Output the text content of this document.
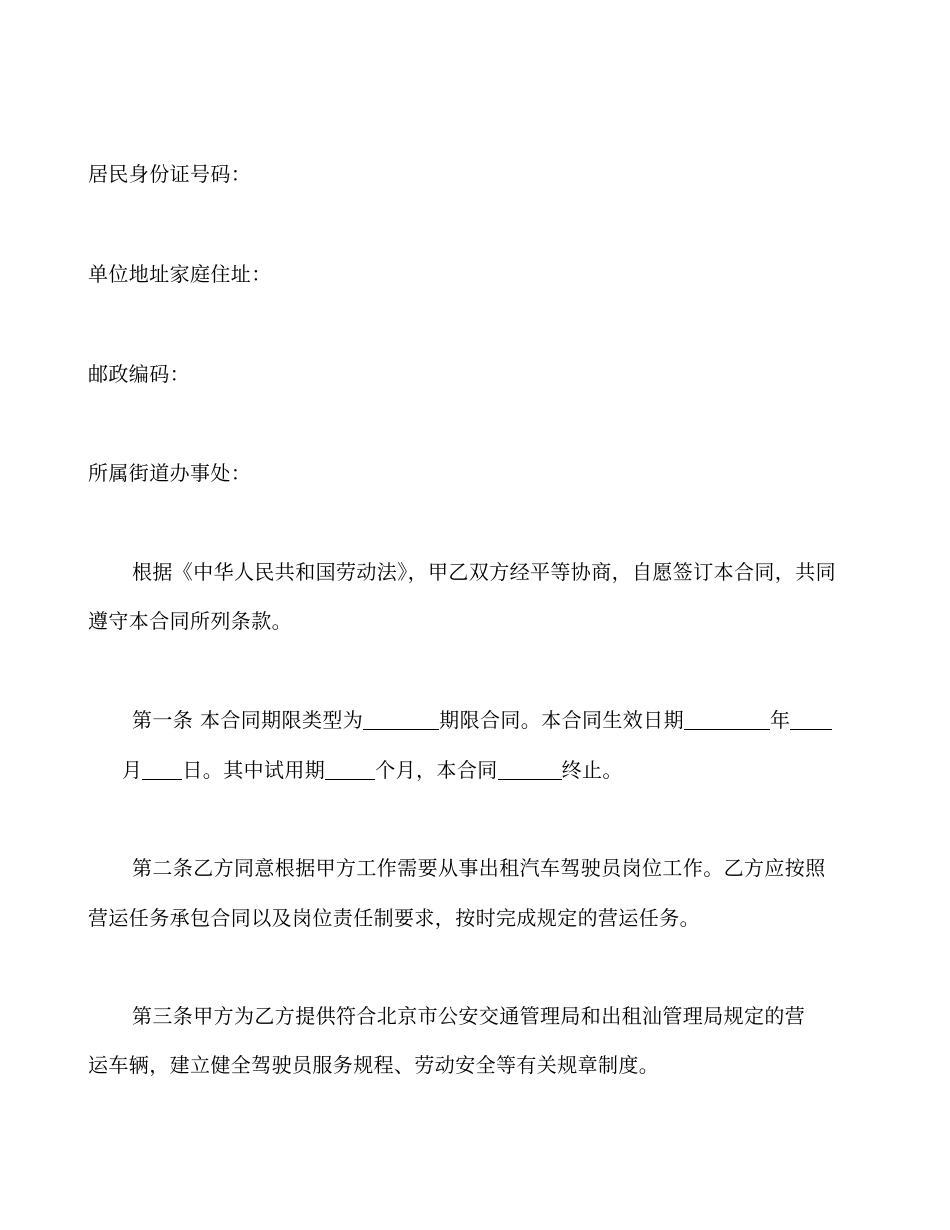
居民身份证号码：
单位地址家庭住址：
邮政编码：
所属街道办事处：
根据《中华人民共和国劳动法》，甲乙双方经平等协商，自愿签订本合同，共同
遵守本合同所列条款。
第一条 本合同期限类型为	期限合同。本合同生效日期	年
月 日。其中试用期	个月，本合同	终止。
第二条乙方同意根据甲方工作需要从事出租汽车驾驶员岗位工作。乙方应按照
营运任务承包合同以及岗位责任制要求，按时完成规定的营运任务。
第三条甲方为乙方提供符合北京市公安交通管理局和出租汕管理局规定的营
运车辆，建立健全驾驶员服务规程、劳动安全等有关规章制度。
